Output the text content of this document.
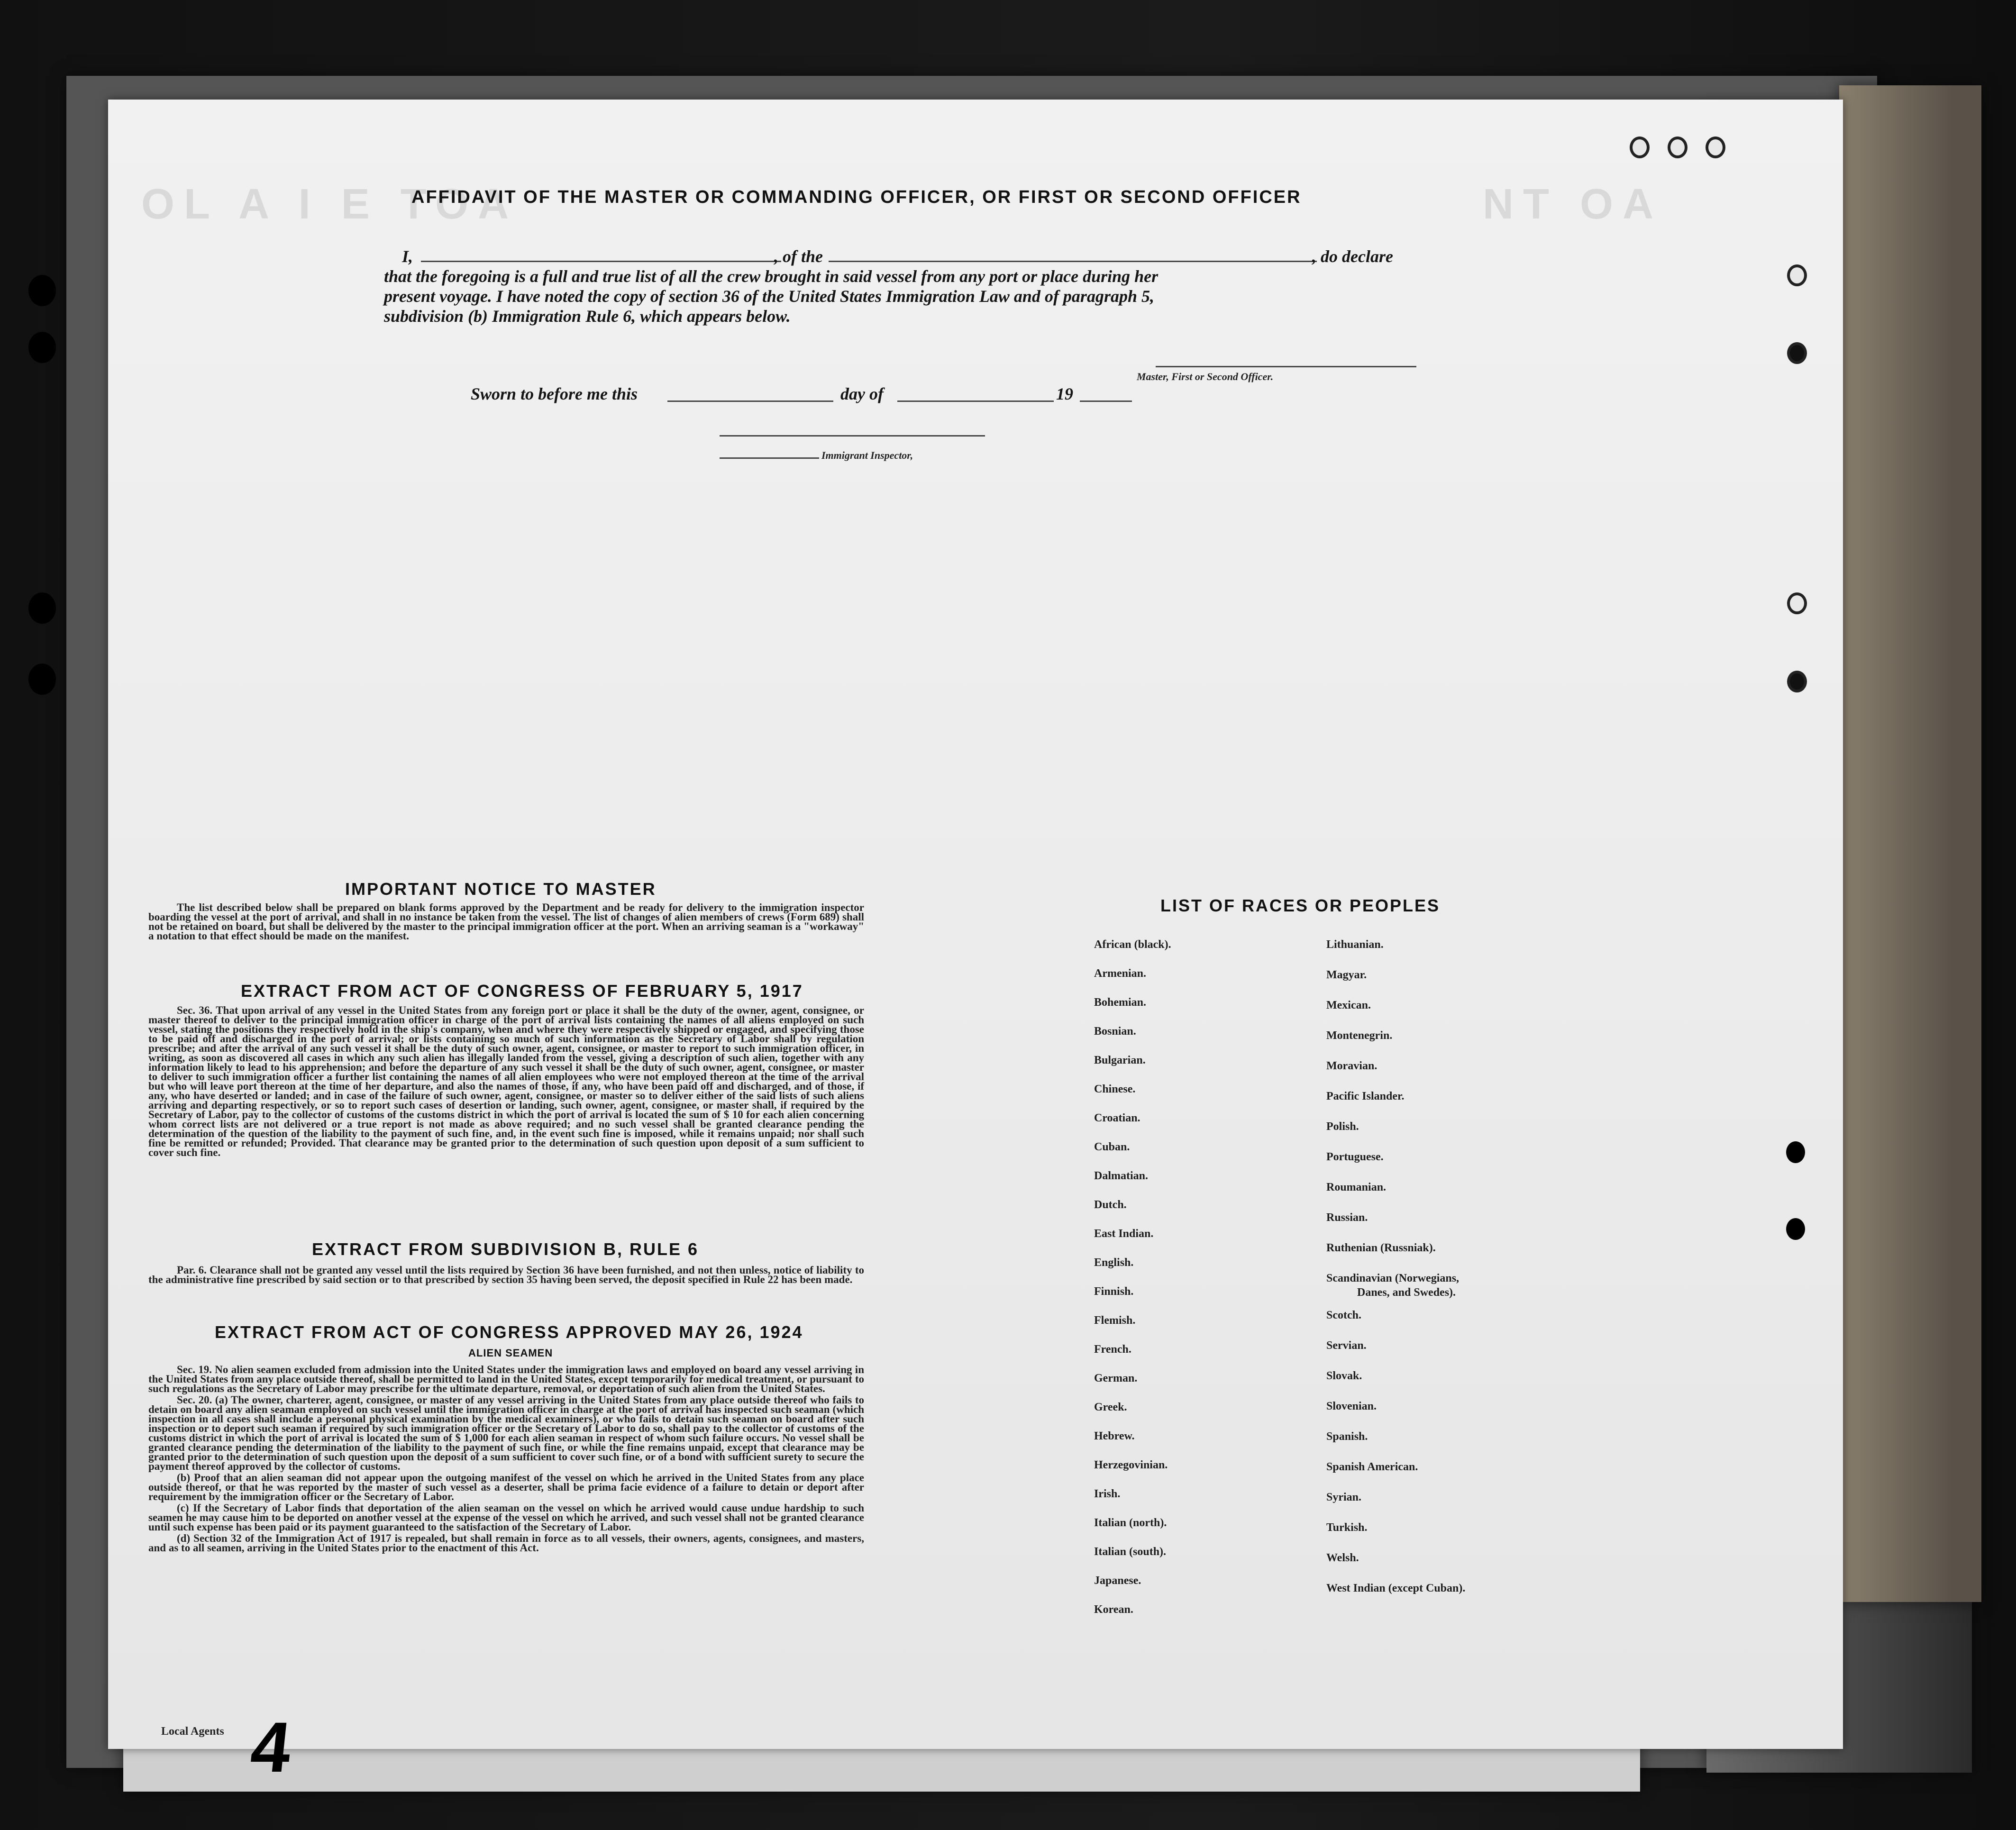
OL A I E TOA	NT OA
AFFIDAVIT OF THE MASTER OR COMMANDING OFFICER, OR FIRST OR SECOND OFFICER
I,	, of the	, do declare
that the foregoing is a full and true list of all the crew brought in said vessel from any port or place during her
present voyage. I have noted the copy of section 36 of the United States Immigration Law and of paragraph 5,
subdivision (b) Immigration Rule 6, which appears below.
Master, First or Second Officer.
Sworn to before me this	day of	19
Immigrant Inspector,
IMPORTANT NOTICE TO MASTER

The list described below shall be prepared on blank forms approved by the Department and be ready for delivery to the immigration inspector boarding the vessel at the port of arrival, and shall in no instance be taken from the vessel. The list of changes of alien members of crews (Form 689) shall not be retained on board, but shall be delivered by the master to the principal immigration officer at the port. When an arriving seaman is a "workaway" a notation to that effect should be made on the manifest.

EXTRACT FROM ACT OF CONGRESS OF FEBRUARY 5, 1917

Sec. 36. That upon arrival of any vessel in the United States from any foreign port or place it shall be the duty of the owner, agent, consignee, or master thereof to deliver to the principal immigration officer in charge of the port of arrival lists containing the names of all aliens employed on such vessel, stating the positions they respectively hold in the ship's company, when and where they were respectively shipped or engaged, and specifying those to be paid off and discharged in the port of arrival; or lists containing so much of such information as the Secretary of Labor shall by regulation prescribe; and after the arrival of any such vessel it shall be the duty of such owner, agent, consignee, or master to report to such immigration officer, in writing, as soon as discovered all cases in which any such alien has illegally landed from the vessel, giving a description of such alien, together with any information likely to lead to his apprehension; and before the departure of any such vessel it shall be the duty of such owner, agent, consignee, or master to deliver to such immigration officer a further list containing the names of all alien employees who were not employed thereon at the time of the arrival but who will leave port thereon at the time of her departure, and also the names of those, if any, who have been paid off and discharged, and of those, if any, who have deserted or landed; and in case of the failure of such owner, agent, consignee, or master so to deliver either of the said lists of such aliens arriving and departing respectively, or so to report such cases of desertion or landing, such owner, agent, consignee, or master shall, if required by the Secretary of Labor, pay to the collector of customs of the customs district in which the port of arrival is located the sum of $ 10 for each alien concerning whom correct lists are not delivered or a true report is not made as above required; and no such vessel shall be granted clearance pending the determination of the question of the liability to the payment of such fine, and, in the event such fine is imposed, while it remains unpaid; nor shall such fine be remitted or refunded; Provided. That clearance may be granted prior to the determination of such question upon deposit of a sum sufficient to cover such fine.

EXTRACT FROM SUBDIVISION B, RULE 6

Par. 6. Clearance shall not be granted any vessel until the lists required by Section 36 have been furnished, and not then unless, notice of liability to the administrative fine prescribed by said section or to that prescribed by section 35 having been served, the deposit specified in Rule 22 has been made.

EXTRACT FROM ACT OF CONGRESS APPROVED MAY 26, 1924
ALIEN SEAMEN

Sec. 19. No alien seamen excluded from admission into the United States under the immigration laws and employed on board any vessel arriving in the United States from any place outside thereof, shall be permitted to land in the United States, except temporarily for medical treatment, or pursuant to such regulations as the Secretary of Labor may prescribe for the ultimate departure, removal, or deportation of such alien from the United States.

Sec. 20. (a) The owner, charterer, agent, consignee, or master of any vessel arriving in the United States from any place outside thereof who fails to detain on board any alien seaman employed on such vessel until the immigration officer in charge at the port of arrival has inspected such seaman (which inspection in all cases shall include a personal physical examination by the medical examiners), or who fails to detain such seaman on board after such inspection or to deport such seaman if required by such immigration officer or the Secretary of Labor to do so, shall pay to the collector of customs of the customs district in which the port of arrival is located the sum of $ 1,000 for each alien seaman in respect of whom such failure occurs. No vessel shall be granted clearance pending the determination of the liability to the payment of such fine, or while the fine remains unpaid, except that clearance may be granted prior to the determination of such question upon the deposit of a sum sufficient to cover such fine, or of a bond with sufficient surety to secure the payment thereof approved by the collector of customs.

(b) Proof that an alien seaman did not appear upon the outgoing manifest of the vessel on which he arrived in the United States from any place outside thereof, or that he was reported by the master of such vessel as a deserter, shall be prima facie evidence of a failure to detain or deport after requirement by the immigration officer or the Secretary of Labor.

(c) If the Secretary of Labor finds that deportation of the alien seaman on the vessel on which he arrived would cause undue hardship to such seamen he may cause him to be deported on another vessel at the expense of the vessel on which he arrived, and such vessel shall not be granted clearance until such expense has been paid or its payment guaranteed to the satisfaction of the Secretary of Labor.

(d) Section 32 of the Immigration Act of 1917 is repealed, but shall remain in force as to all vessels, their owners, agents, consignees, and masters, and as to all seamen, arriving in the United States prior to the enactment of this Act.

LIST OF RACES OR PEOPLES
African (black).
Armenian.
Bohemian.
Bosnian.
Bulgarian.
Chinese.
Croatian.
Cuban.
Dalmatian.
Dutch.
East Indian.
English.
Finnish.
Flemish.
French.
German.
Greek.
Hebrew.
Herzegovinian.
Irish.
Italian (north).
Italian (south).
Japanese.
Korean.
Lithuanian.
Magyar.
Mexican.
Montenegrin.
Moravian.
Pacific Islander.
Polish.
Portuguese.
Roumanian.
Russian.
Ruthenian (Russniak).
Scandinavian (Norwegians,
Danes, and Swedes).
Scotch.
Servian.
Slovak.
Slovenian.
Spanish.
Spanish American.
Syrian.
Turkish.
Welsh.
West Indian (except Cuban).
Local Agents 4
